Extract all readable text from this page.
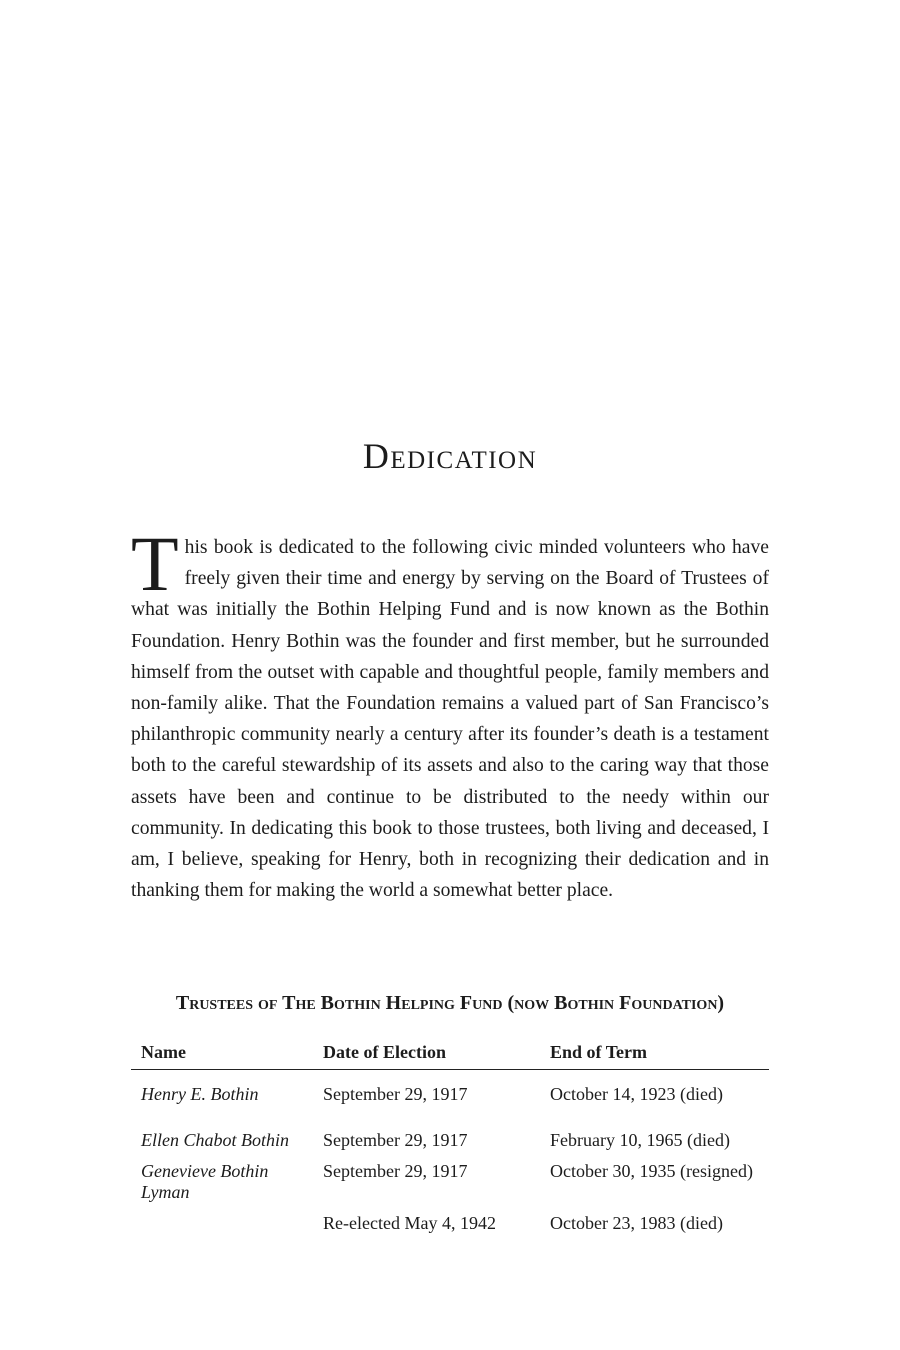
Dedication

This book is dedicated to the following civic minded volunteers who have freely given their time and energy by serving on the Board of Trustees of what was initially the Bothin Helping Fund and is now known as the Bothin Foundation. Henry Bothin was the founder and first member, but he surrounded himself from the outset with capable and thoughtful people, family members and non-family alike. That the Foundation remains a valued part of San Francisco’s philanthropic community nearly a century after its founder’s death is a testament both to the careful stewardship of its assets and also to the caring way that those assets have been and continue to be distributed to the needy within our community. In dedicating this book to those trustees, both living and deceased, I am, I believe, speaking for Henry, both in recognizing their dedication and in thanking them for making the world a somewhat better place.

Trustees of The Bothin Helping Fund (now Bothin Foundation)
Name	Date of Election	End of Term
Henry E. Bothin	September 29, 1917	October 14, 1923 (died)
Ellen Chabot Bothin	September 29, 1917	February 10, 1965 (died)
Genevieve Bothin Lyman	September 29, 1917	October 30, 1935 (resigned)
	Re-elected May 4, 1942	October 23, 1983 (died)
